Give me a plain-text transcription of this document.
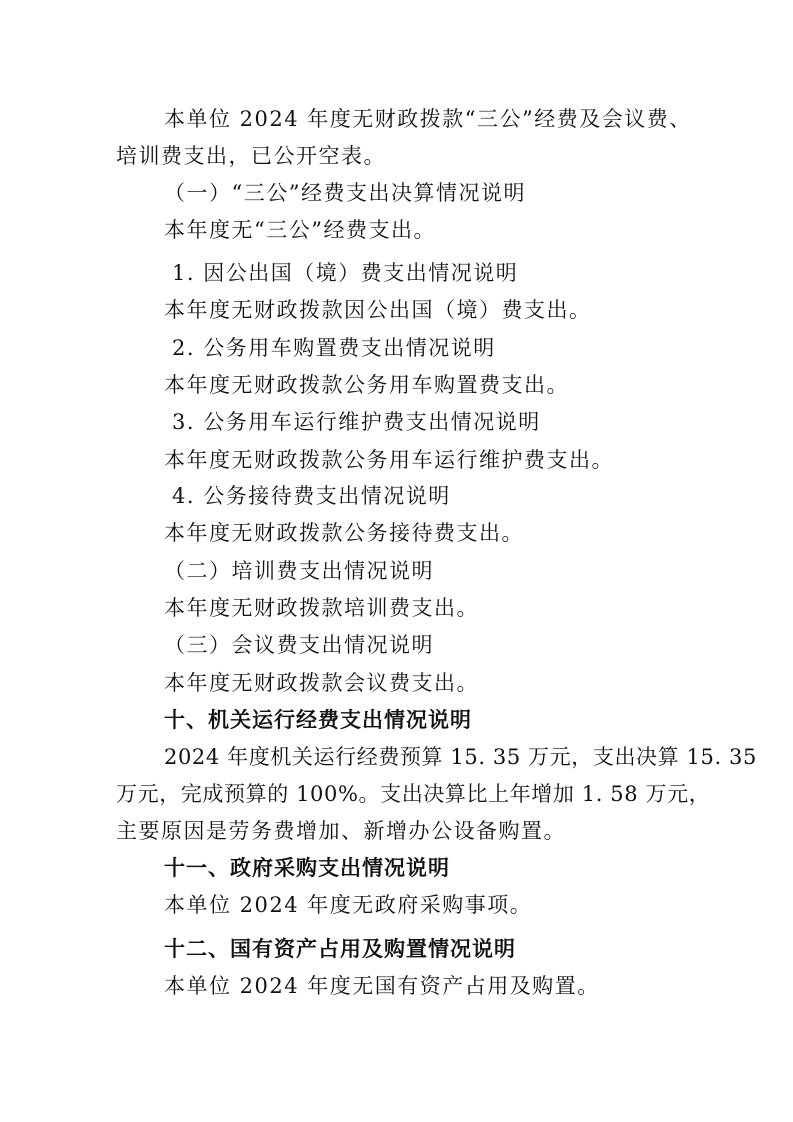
本单位 2024 年度无财政拨款“三公”经费及会议费、
培训费支出，已公开空表。
（一）“三公”经费支出决算情况说明
本年度无“三公”经费支出。
1. 因公出国（境）费支出情况说明
本年度无财政拨款因公出国（境）费支出。
2. 公务用车购置费支出情况说明
本年度无财政拨款公务用车购置费支出。
3. 公务用车运行维护费支出情况说明
本年度无财政拨款公务用车运行维护费支出。
4. 公务接待费支出情况说明
本年度无财政拨款公务接待费支出。
（二）培训费支出情况说明
本年度无财政拨款培训费支出。
（三）会议费支出情况说明
本年度无财政拨款会议费支出。
十、机关运行经费支出情况说明
2024 年度机关运行经费预算 15. 35 万元，支出决算 15. 35
万元，完成预算的 100%。支出决算比上年增加 1. 58 万元，
主要原因是劳务费增加、新增办公设备购置。
十一、政府采购支出情况说明
本单位 2024 年度无政府采购事项。
十二、国有资产占用及购置情况说明
本单位 2024 年度无国有资产占用及购置。
